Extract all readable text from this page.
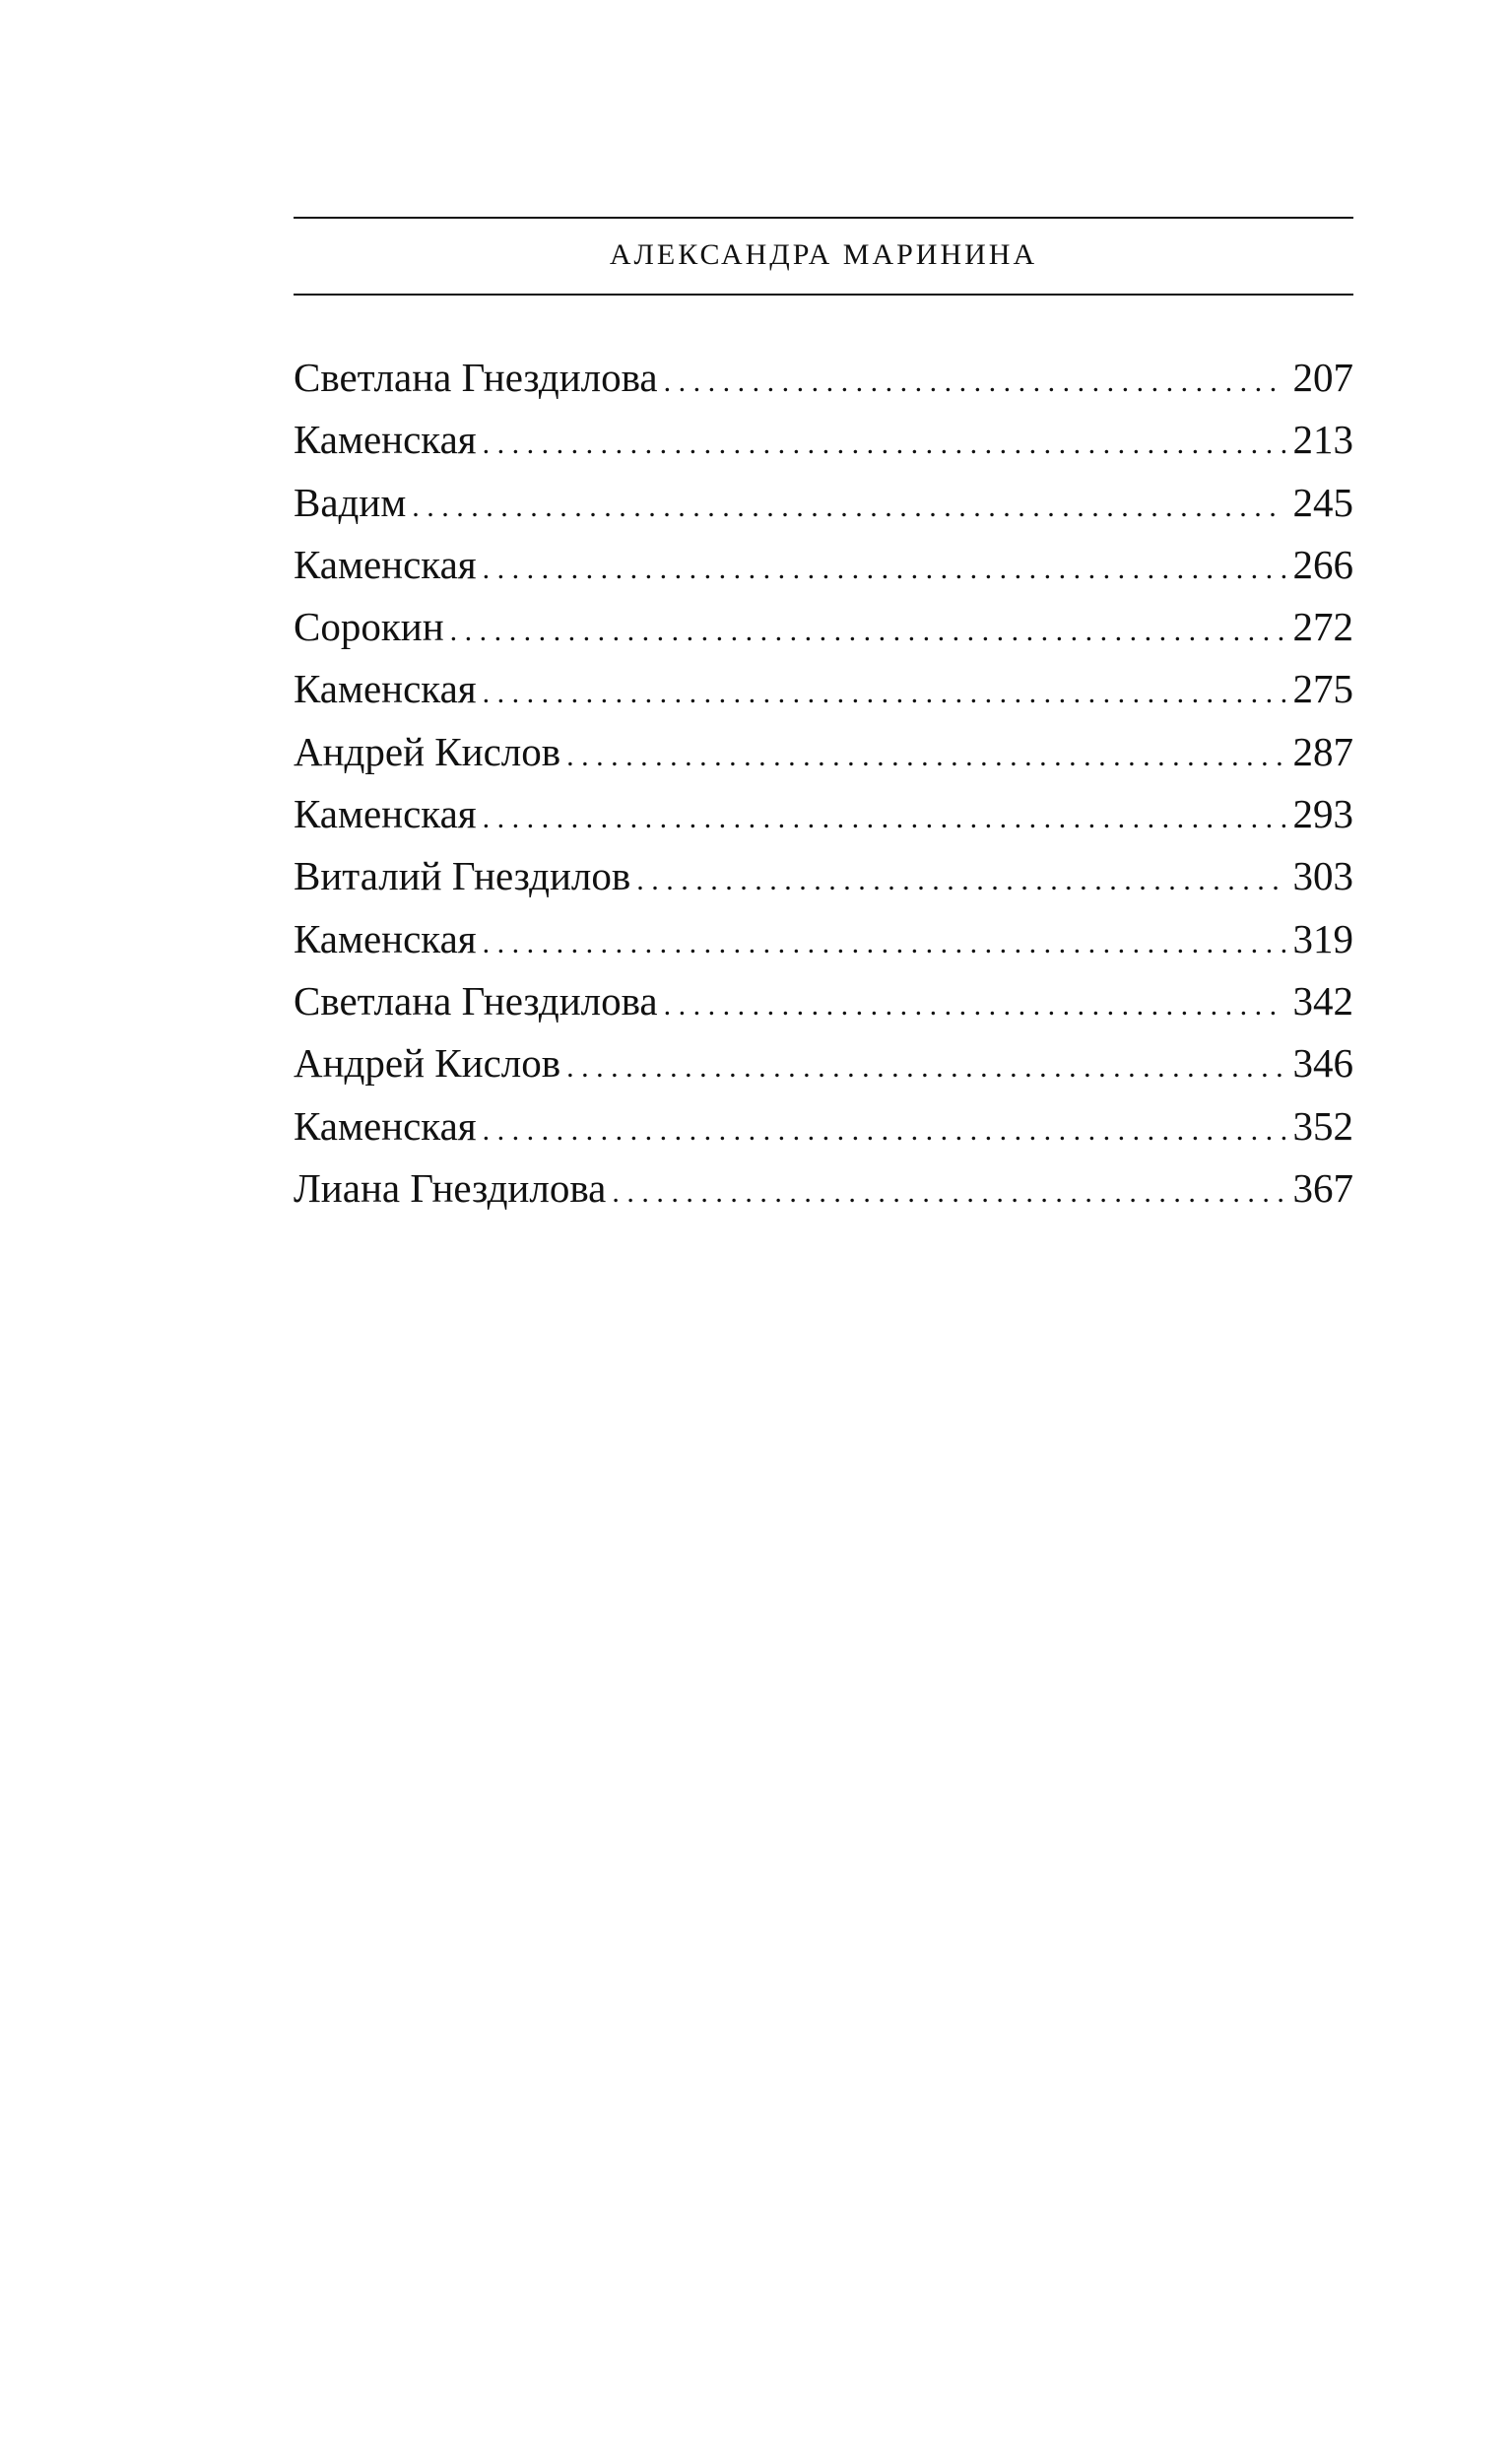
АЛЕКСАНДРА МАРИНИНА
Светлана Гнездилова . . .	207
Каменская . . .	213
Вадим . . .	245
Каменская . . .	266
Сорокин . . .	272
Каменская . . .	275
Андрей Кислов . . .	287
Каменская . . .	293
Виталий Гнездилов . . .	303
Каменская . . .	319
Светлана Гнездилова . . .	342
Андрей Кислов . . .	346
Каменская . . .	352
Лиана Гнездилова . . .	367
